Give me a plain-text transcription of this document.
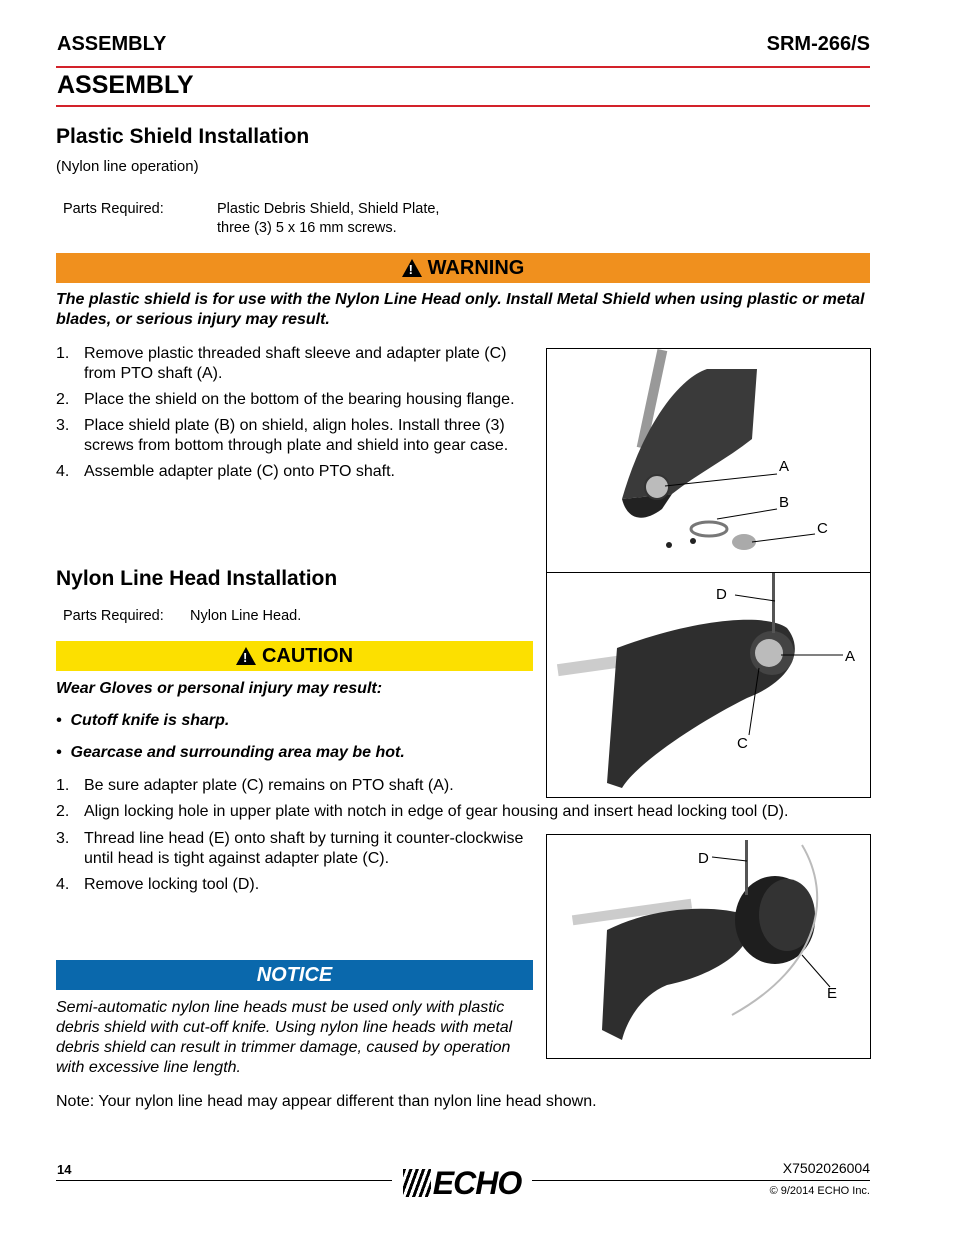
ASSEMBLY	SRM-266/S
ASSEMBLY
Plastic Shield Installation
(Nylon line operation)
Parts Required:	Plastic Debris Shield, Shield Plate,
three (3) 5 x 16 mm screws.
!
WARNING
The plastic shield is for use with the Nylon Line Head only. Install Metal Shield when using plastic or metal blades, or serious injury may result.
1. Remove plastic threaded shaft sleeve and adapter plate (C) from PTO shaft (A).
2. Place the shield on the bottom of the bearing housing flange.
3. Place shield plate (B) on shield, align holes. Install three (3) screws from bottom through plate and shield into gear case.
4. Assemble adapter plate (C) onto PTO shaft.	A
B
C
Nylon Line Head Installation
Parts Required: Nylon Line Head.
!
CAUTION
Wear Gloves or personal injury may result:
•  Cutoff knife is sharp.
•  Gearcase and surrounding area may be hot.
1. Be sure adapter plate (C) remains on PTO shaft (A).
2. Align locking hole in upper plate with notch in edge of gear housing and insert head locking tool (D).
3. Thread line head (E) onto shaft by turning it counter-clockwise until head is tight against adapter plate (C).
4. Remove locking tool (D).
D
A
C
D
E
NOTICE
Semi-automatic nylon line heads must be used only with plastic debris shield with cut-off knife. Using nylon line heads with metal debris shield can result in trimmer damage, caused by operation with excessive line length.
Note: Your nylon line head may appear different than nylon line head shown.
14	ECHO	X7502026004
© 9/2014 ECHO Inc.
